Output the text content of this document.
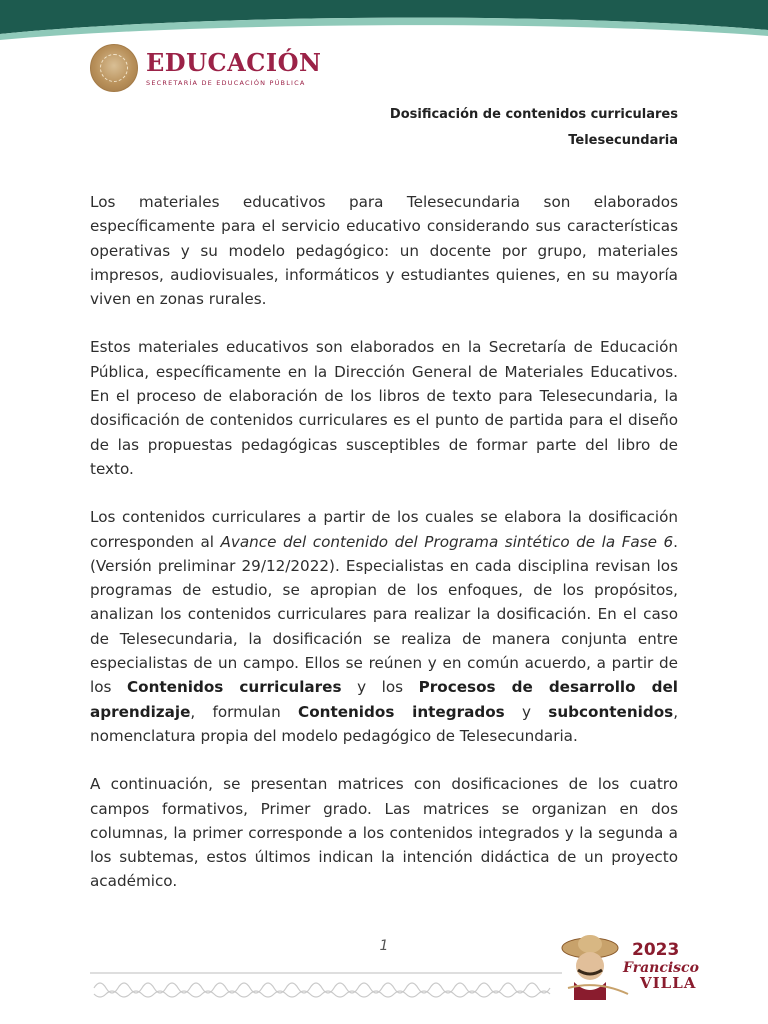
EDUCACIÓN
SECRETARÍA DE EDUCACIÓN PÚBLICA
Dosificación de contenidos curriculares
Telesecundaria

Los materiales educativos para Telesecundaria son elaborados específicamente para el servicio educativo considerando sus características operativas y su modelo pedagógico: un docente por grupo, materiales impresos, audiovisuales, informáticos y estudiantes quienes, en su mayoría viven en zonas rurales.

Estos materiales educativos son elaborados en la Secretaría de Educación Pública, específicamente en la Dirección General de Materiales Educativos. En el proceso de elaboración de los libros de texto para Telesecundaria, la dosificación de contenidos curriculares es el punto de partida para el diseño de las propuestas pedagógicas susceptibles de formar parte del libro de texto.

Los contenidos curriculares a partir de los cuales se elabora la dosificación corresponden al Avance del contenido del Programa sintético de la Fase 6. (Versión preliminar 29/12/2022). Especialistas en cada disciplina revisan los programas de estudio, se apropian de los enfoques, de los propósitos, analizan los contenidos curriculares para realizar la dosificación. En el caso de Telesecundaria, la dosificación se realiza de manera conjunta entre especialistas de un campo. Ellos se reúnen y en común acuerdo, a partir de los Contenidos curriculares y los Procesos de desarrollo del aprendizaje, formulan Contenidos integrados y subcontenidos, nomenclatura propia del modelo pedagógico de Telesecundaria.

A continuación, se presentan matrices con dosificaciones de los cuatro campos formativos, Primer grado. Las matrices se organizan en dos columnas, la primer corresponde a los contenidos integrados y la segunda a los subtemas, estos últimos indican la intención didáctica de un proyecto académico.

1	2023
Francisco
VILLA
